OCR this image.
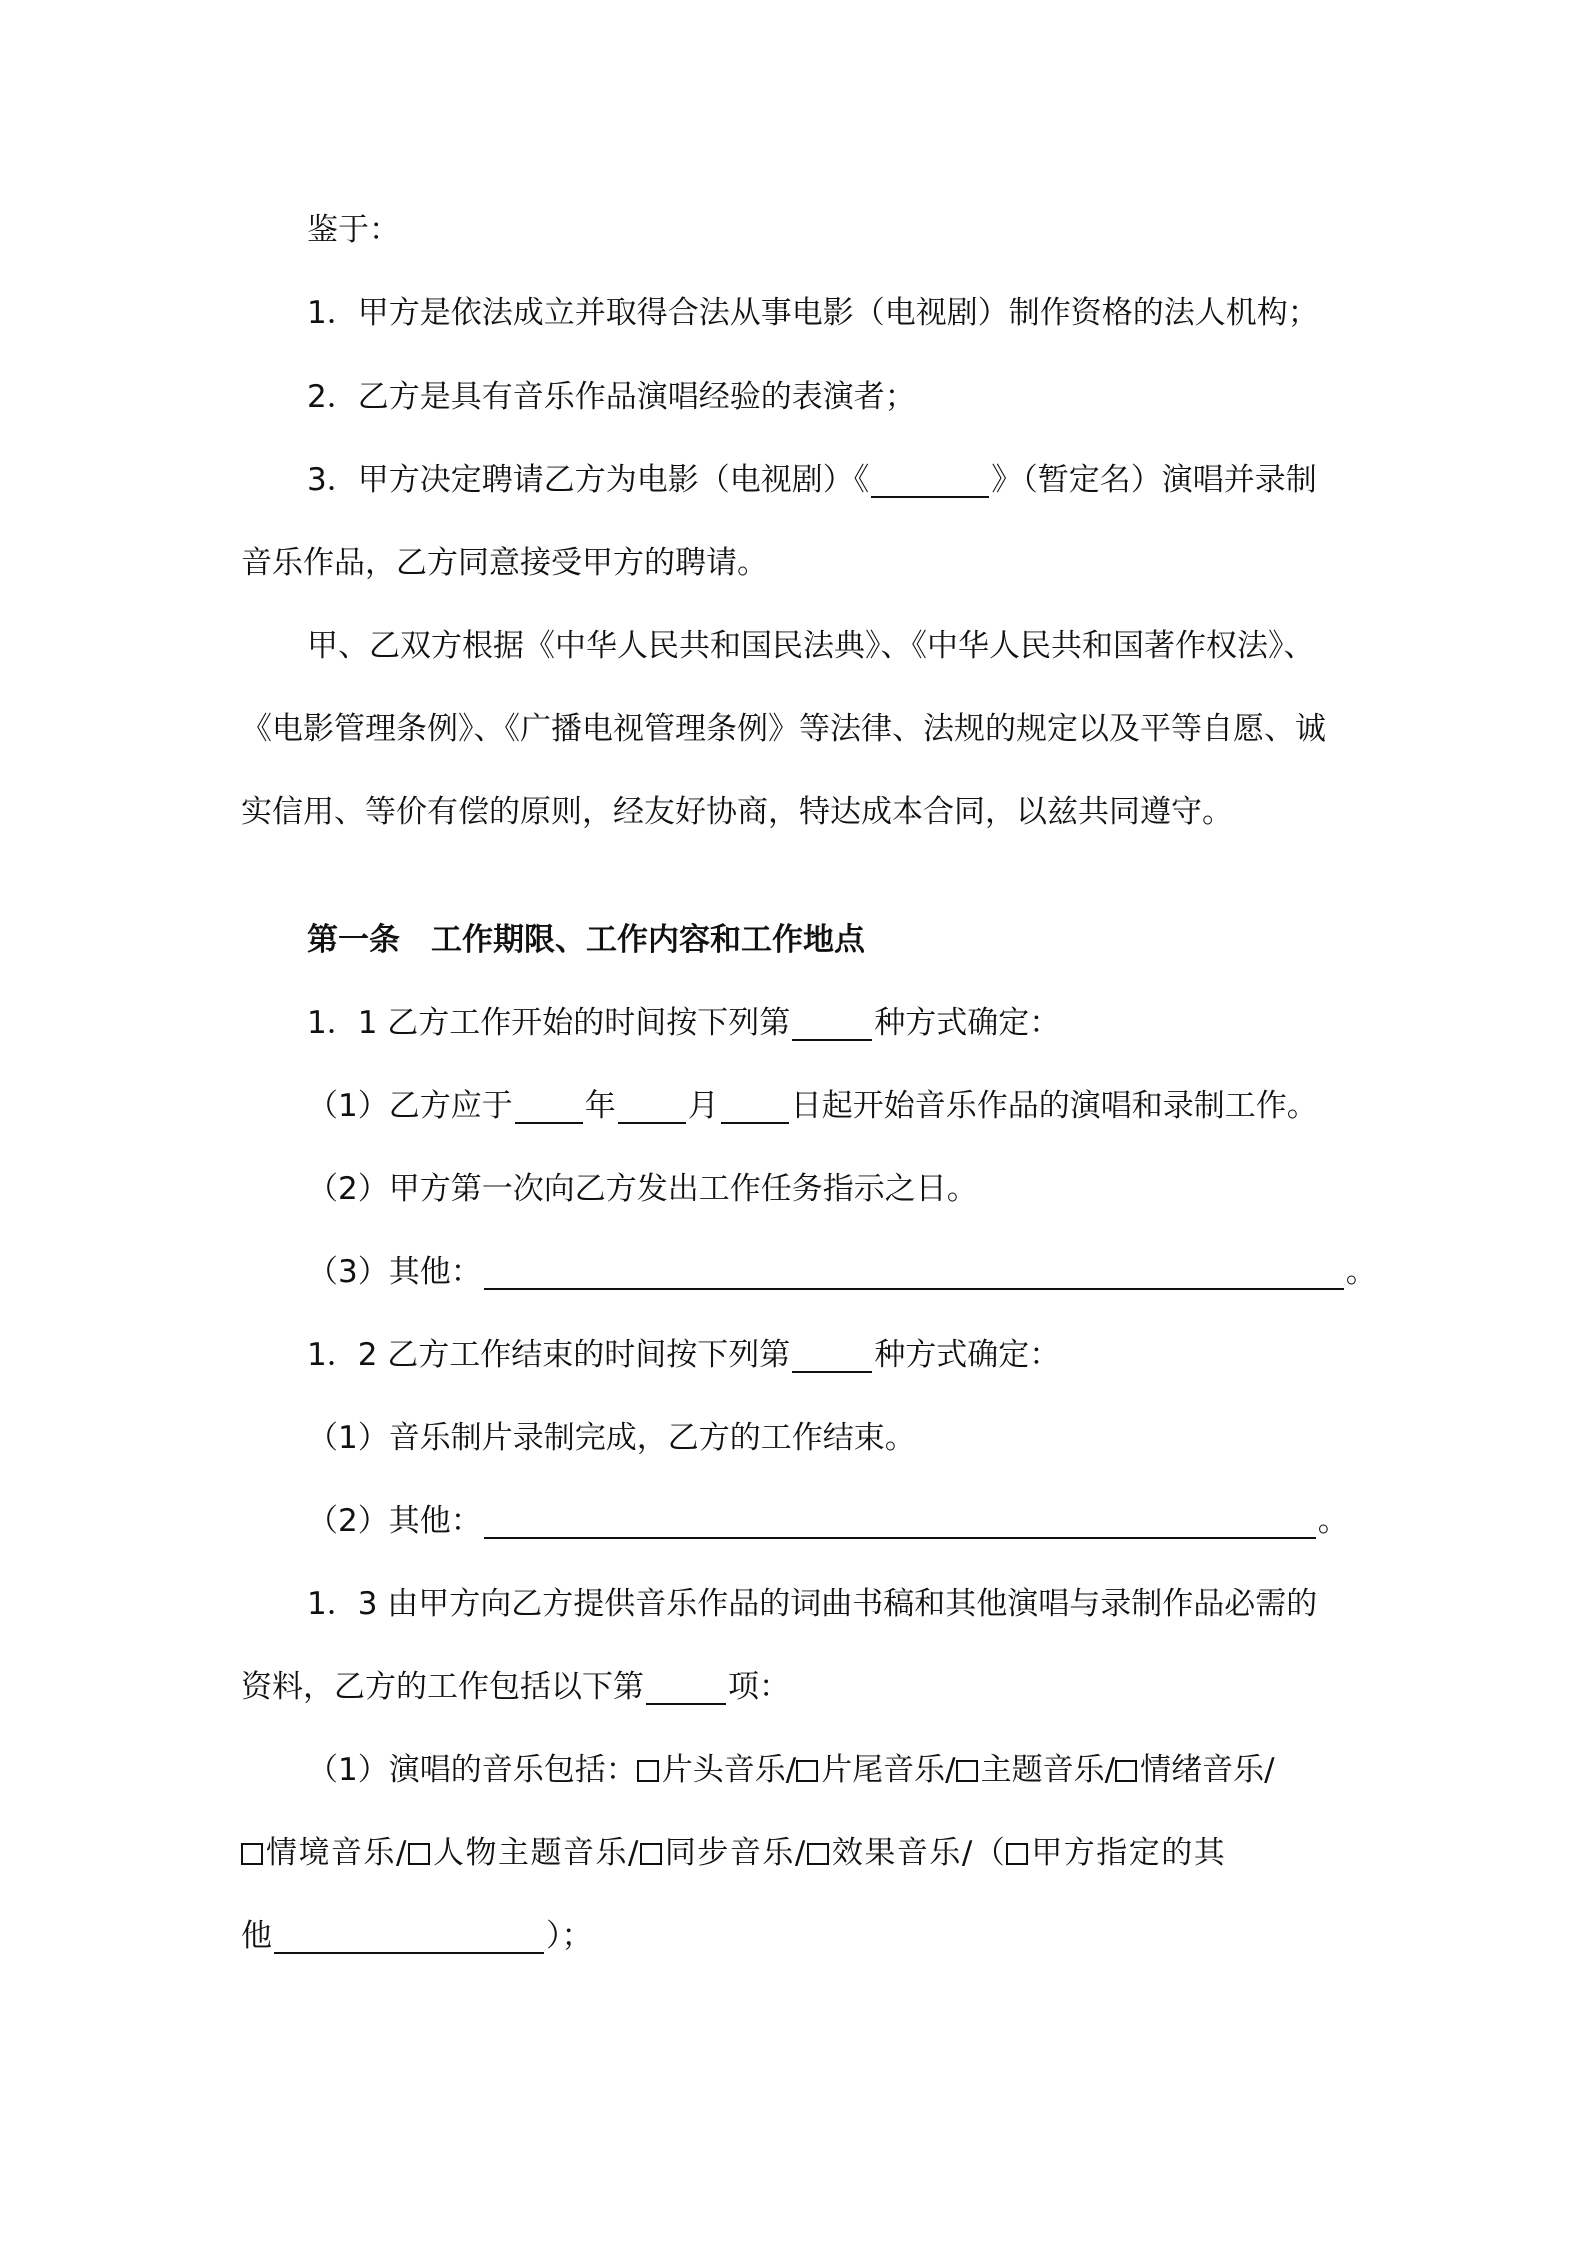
鉴于：
1．甲方是依法成立并取得合法从事电影（电视剧）制作资格的法人机构；
2．乙方是具有音乐作品演唱经验的表演者；
3．甲方决定聘请乙方为电影（电视剧）《	》（暂定名）演唱并录制
音乐作品，乙方同意接受甲方的聘请。
甲、乙双方根据《中华人民共和国民法典》、《中华人民共和国著作权法》、
《电影管理条例》、《广播电视管理条例》等法律、法规的规定以及平等自愿、诚
实信用、等价有偿的原则，经友好协商，特达成本合同，以兹共同遵守。
第一条　工作期限、工作内容和工作地点
1．1 乙方工作开始的时间按下列第	种方式确定：
（1）乙方应于 年 月 日起开始音乐作品的演唱和录制工作。
（2）甲方第一次向乙方发出工作任务指示之日。
（3）其他：	。
1．2 乙方工作结束的时间按下列第	种方式确定：
（1）音乐制片录制完成，乙方的工作结束。
（2）其他：	。
1．3 由甲方向乙方提供音乐作品的词曲书稿和其他演唱与录制作品必需的
资料，乙方的工作包括以下第	项：
（1）演唱的音乐包括： 片头音乐/ 片尾音乐/ 主题音乐/ 情绪音乐/
情境音乐/ 人物主题音乐/ 同步音乐/ 效果音乐/（ 甲方指定的其
他	）；
